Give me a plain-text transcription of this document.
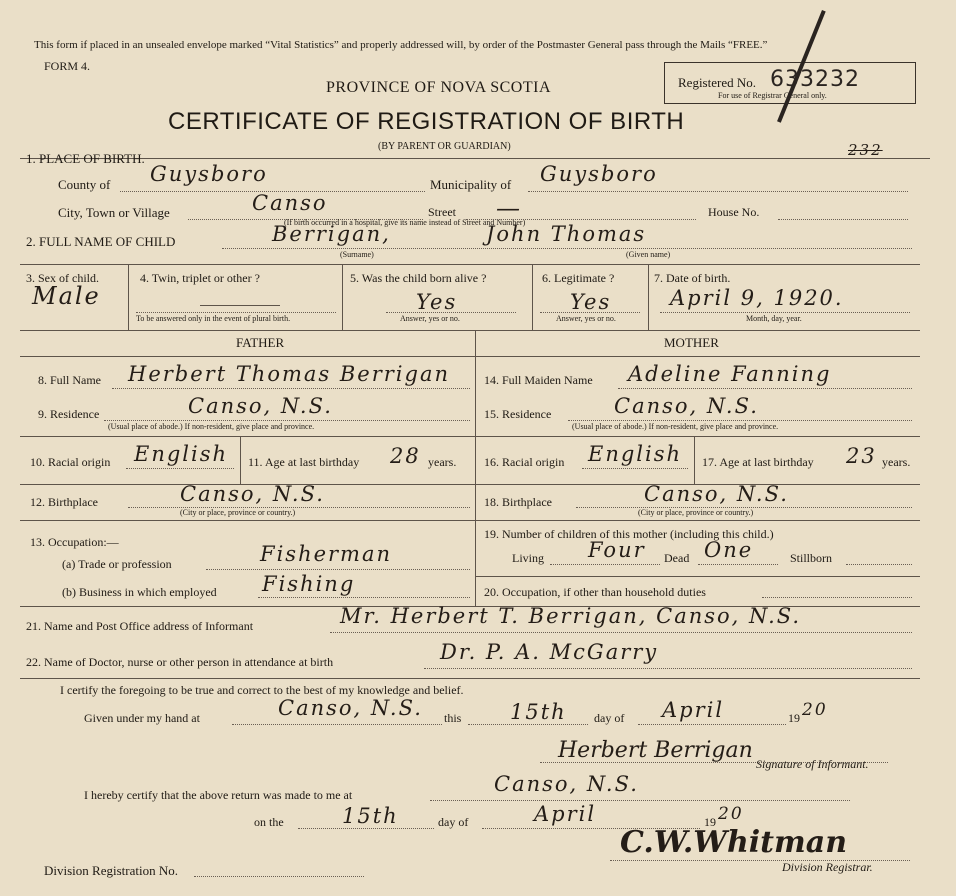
This form if placed in an unsealed envelope marked “Vital Statistics” and properly addressed will, by order of the Postmaster General pass through the Mails “FREE.”
FORM 4.
PROVINCE OF NOVA SCOTIA
CERTIFICATE OF REGISTRATION OF BIRTH
(BY PARENT OR GUARDIAN)
Registered No. 633232
For use of Registrar General only.
232
1. PLACE OF BIRTH.
County of Guysboro	Municipality of Guysboro
City, Town or Village	Canso	Street
(If birth occurred in a hospital, give its name instead of Street and Number)
—	House No.
2. FULL NAME OF CHILD	Berrigan,	John Thomas
(Surname)	(Given name)
3. Sex of child.
Male
4. Twin, triplet or other ?
To be answered only in the event of plural birth.
5. Was the child born alive ?
Yes
Answer, yes or no.
6. Legitimate ?
Yes
Answer, yes or no.
7. Date of birth.
April 9, 1920.
Month, day, year.
FATHER
8. Full Name Herbert Thomas Berrigan
9. Residence	Canso, N.S.
(Usual place of abode.) If non-resident, give place and province.
10. Racial origin English 11. Age at last birthday 28 years.
12. Birthplace	Canso, N.S.
(City or place, province or country.)
13. Occupation:—
(a) Trade or profession	Fisherman
(b) Business in which employed Fishing
MOTHER
14. Full Maiden Name Adeline Fanning
15. Residence	Canso, N.S.
(Usual place of abode.) If non-resident, give place and province.
16. Racial origin English 17. Age at last birthday 23 years.
18. Birthplace	Canso, N.S.
(City or place, province or country.)
19. Number of children of this mother (including this child.)
Living Four Dead One	Stillborn
20. Occupation, if other than household duties
21. Name and Post Office address of Informant	Mr. Herbert T. Berrigan, Canso, N.S.
22. Name of Doctor, nurse or other person in attendance at birth	Dr. P. A. McGarry
I certify the foregoing to be true and correct to the best of my knowledge and belief.
Given under my hand at	Canso, N.S. this 15th day of April	19 20
Herbert Berrigan
Signature of Informant.
I hereby certify that the above return was made to me at	Canso, N.S.
on the	15th	day of	April	19 20
C.W.Whitman
Division Registrar.
Division Registration No.
